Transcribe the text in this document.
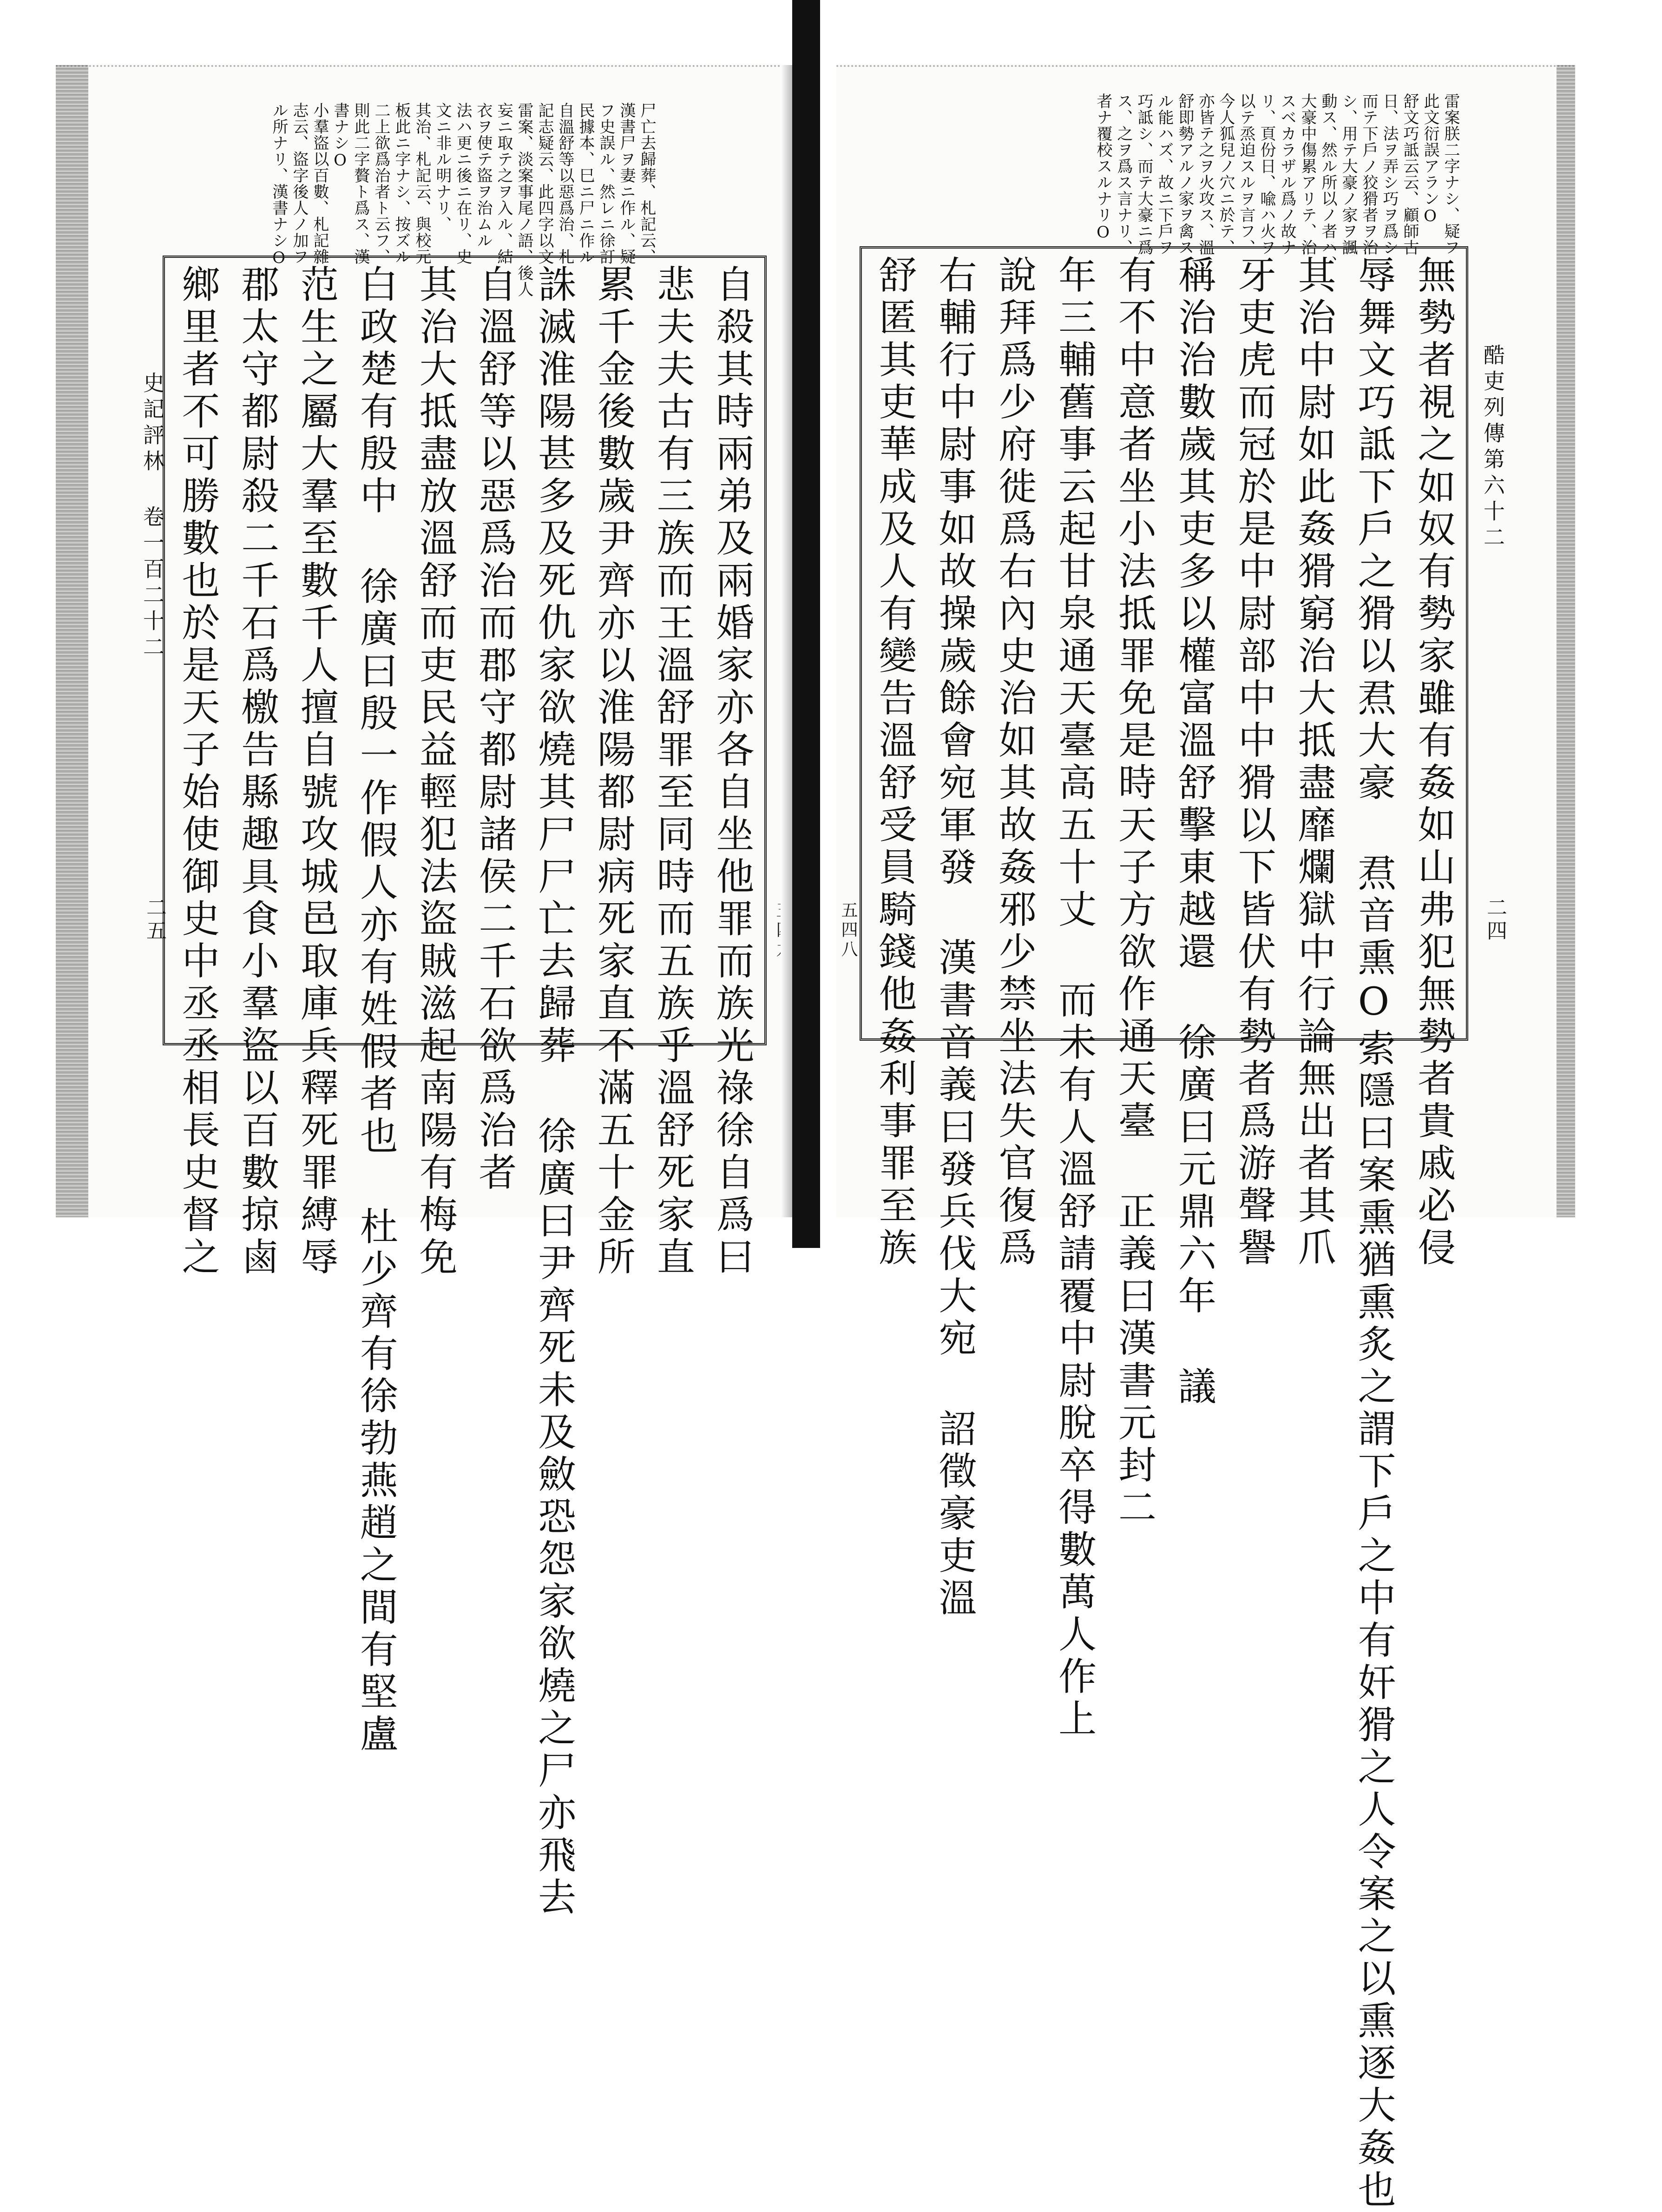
尸亡去歸葬、札記云、
漢書尸ヲ妻ニ作ル、疑
フ史誤ル、然レニ徐訂
民據本、巳ニ尸ニ作ル
自溫舒等以惡爲治、札
記志疑云、此四字以文
雷案、淡案事尾ノ語、後人
妄ニ取テ之ヲ入ル、結
衣ヲ使テ盜ヲ治ムル
法ハ更ニ後ニ在リ、史
文ニ非ル明ナリ、
其治、札記云、與校元
板此ニ字ナシ、按ズル
二上欲爲治者ト云フ、
則此二字贅ト爲ス、漢
書ナシO
小羣盜以百數、札記雜
志云、盜字後人ノ加フ
ル所ナリ、漢書ナシO
自殺其時兩弟及兩婚家亦各自坐他罪而族光祿徐自爲曰
悲夫夫古有三族而王溫舒罪至同時而五族乎溫舒死家直
累千金後數歲尹齊亦以淮陽都尉病死家直不滿五十金所
誅滅淮陽甚多及死仇家欲燒其尸尸亡去歸葬 徐廣曰尹齊死未及斂恐怨家欲燒之尸亦飛去
自溫舒等以惡爲治而郡守都尉諸侯二千石欲爲治者
其治大抵盡放溫舒而吏民益輕犯法盜賊滋起南陽有梅免
白政楚有殷中 徐廣曰殷一作假人亦有姓假者也 杜少齊有徐勃燕趙之間有堅盧
范生之屬大羣至數千人擅自號攻城邑取庫兵釋死罪縛辱
郡太守都尉殺二千石爲檄告縣趣具食小羣盜以百數掠鹵
鄉里者不可勝數也於是天子始使御史中丞丞相長史督之
史記評林 卷一百二十二
二五
酷吏列傳第六十二
二四
五四八
雷案朕二字ナシ、疑フ
此文衍誤アランO
舒文巧詆云云、顧師古
日、法ヲ弄シ巧ヲ爲シ
而テ下戶ノ狡猾者ヲ治
シ、用テ大豪ノ家ヲ諷
動ス、然ル所以ノ者ハ、
大豪中傷累アリテ、治
スベカラザル爲ノ故ナ
リ、頁份日、喩ハ火ヲ
以テ烝迫スルヲ言フ、
今人狐兒ノ穴ニ於テ、
亦皆テ之ヲ火攻ス、溫
舒即勢アルノ家ヲ禽ス
ル能ハズ、故ニ下戶ヲ
巧詆シ、而テ大豪ニ爲
ス、之ヲ爲ス言ナリ、
者ナ覆校スルナリO
無勢者視之如奴有勢家雖有姦如山弗犯無勢者貴戚必侵
辱舞文巧詆下戶之猾以焄大豪 焄音熏O索隱曰案熏猶熏炙之謂下戶之中有奸猾之人令案之以熏逐大姦也
其治中尉如此姦猾窮治大抵盡靡爛獄中行論無出者其爪
牙吏虎而冠於是中尉部中中猾以下皆伏有勢者爲游聲譽
稱治治數歲其吏多以權富溫舒擊東越還 徐廣曰元鼎六年 議
有不中意者坐小法抵罪免是時天子方欲作通天臺 正義曰漢書元封二
年三輔舊事云起甘泉通天臺高五十丈 而未有人溫舒請覆中尉脫卒得數萬人作上
說拜爲少府徙爲右內史治如其故姦邪少禁坐法失官復爲
右輔行中尉事如故操歲餘會宛軍發 漢書音義曰發兵伐大宛 詔徵豪吏溫
舒匿其吏華成及人有變告溫舒受員騎錢他姦利事罪至族
